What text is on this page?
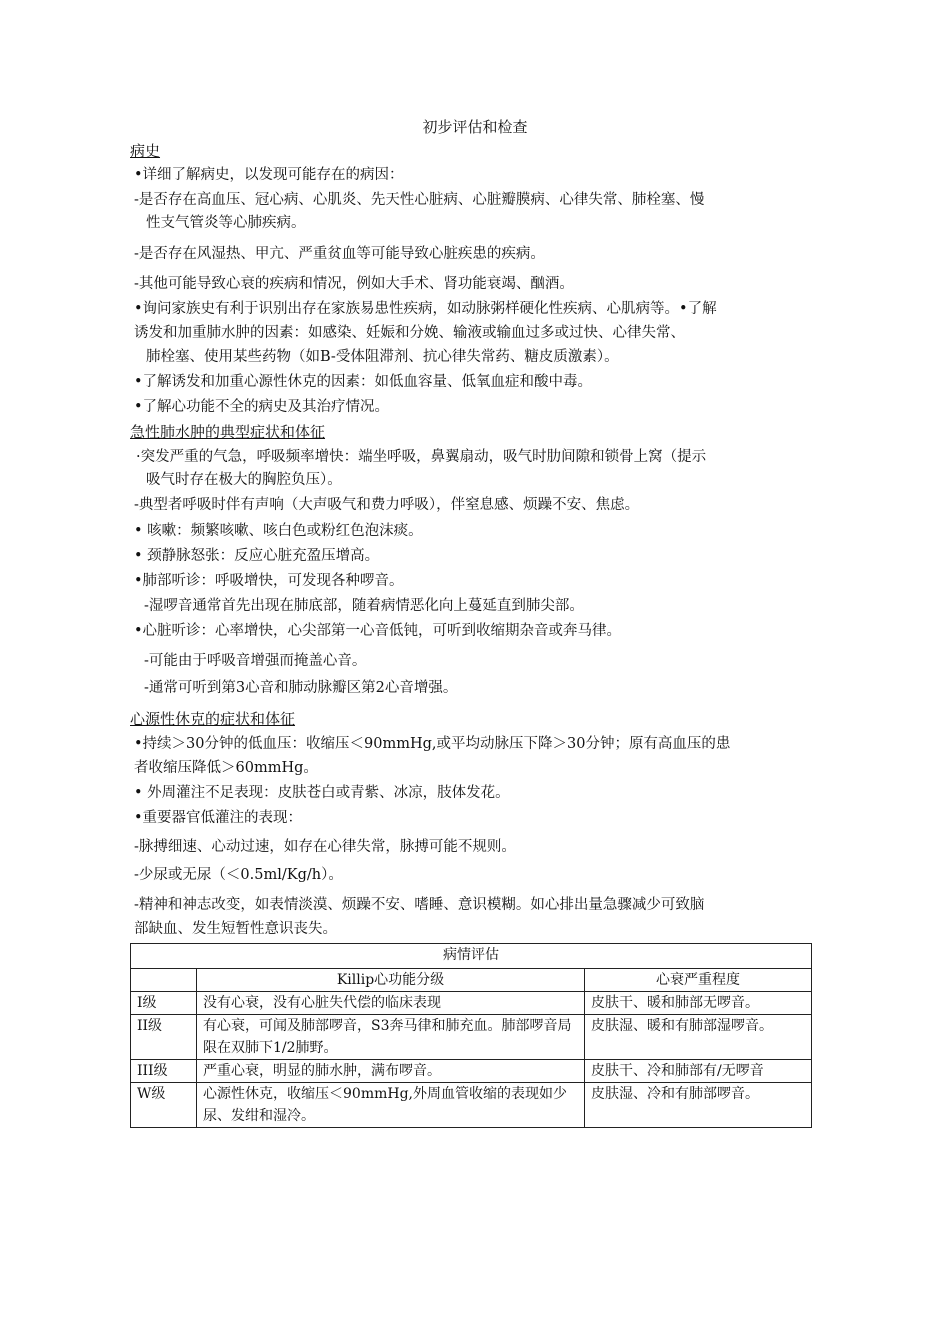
初步评估和检查
病史
•详细了解病史，以发现可能存在的病因：
-是否存在高血压、冠心病、心肌炎、先天性心脏病、心脏瓣膜病、心律失常、肺栓塞、慢
性支气管炎等心肺疾病。
-是否存在风湿热、甲亢、严重贫血等可能导致心脏疾患的疾病。
-其他可能导致心衰的疾病和情况，例如大手术、肾功能衰竭、酗酒。
•询问家族史有利于识别出存在家族易患性疾病，如动脉粥样硬化性疾病、心肌病等。•了解
诱发和加重肺水肿的因素：如感染、妊娠和分娩、输液或输血过多或过快、心律失常、
肺栓塞、使用某些药物（如B-受体阻滞剂、抗心律失常药、糖皮质激素）。
•了解诱发和加重心源性休克的因素：如低血容量、低氧血症和酸中毒。
•了解心功能不全的病史及其治疗情况。
急性肺水肿的典型症状和体征
·突发严重的气急，呼吸频率增快：端坐呼吸，鼻翼扇动，吸气时肋间隙和锁骨上窝（提示
吸气时存在极大的胸腔负压）。
-典型者呼吸时伴有声响（大声吸气和费力呼吸），伴窒息感、烦躁不安、焦虑。
• 咳嗽：频繁咳嗽、咳白色或粉红色泡沫痰。
• 颈静脉怒张：反应心脏充盈压增高。
•肺部听诊：呼吸增快，可发现各种啰音。
-湿啰音通常首先出现在肺底部，随着病情恶化向上蔓延直到肺尖部。
•心脏听诊：心率增快，心尖部第一心音低钝，可听到收缩期杂音或奔马律。
-可能由于呼吸音增强而掩盖心音。
-通常可听到第3心音和肺动脉瓣区第2心音增强。
心源性休克的症状和体征
•持续＞30分钟的低血压：收缩压＜90mmHg,或平均动脉压下降＞30分钟；原有高血压的患
者收缩压降低＞60mmHg。
• 外周灌注不足表现：皮肤苍白或青紫、冰凉，肢体发花。
•重要器官低灌注的表现：
-脉搏细速、心动过速，如存在心律失常，脉搏可能不规则。
-少尿或无尿（＜0.5ml/Kg/h）。
-精神和神志改变，如表情淡漠、烦躁不安、嗜睡、意识模糊。如心排出量急骤减少可致脑
部缺血、发生短暂性意识丧失。
病情评估		
	Killip心功能分级	心衰严重程度
I级	没有心衰，没有心脏失代偿的临床表现	皮肤干、暖和肺部无啰音。
II级	有心衰，可闻及肺部啰音，S3奔马律和肺充血。肺部啰音局限在双肺下1/2肺野。	皮肤湿、暖和有肺部湿啰音。
III级	严重心衰，明显的肺水肿，满布啰音。	皮肤干、冷和肺部有/无啰音
W级	心源性休克，收缩压＜90mmHg,外周血管收缩的表现如少尿、发绀和湿冷。	皮肤湿、冷和有肺部啰音。
